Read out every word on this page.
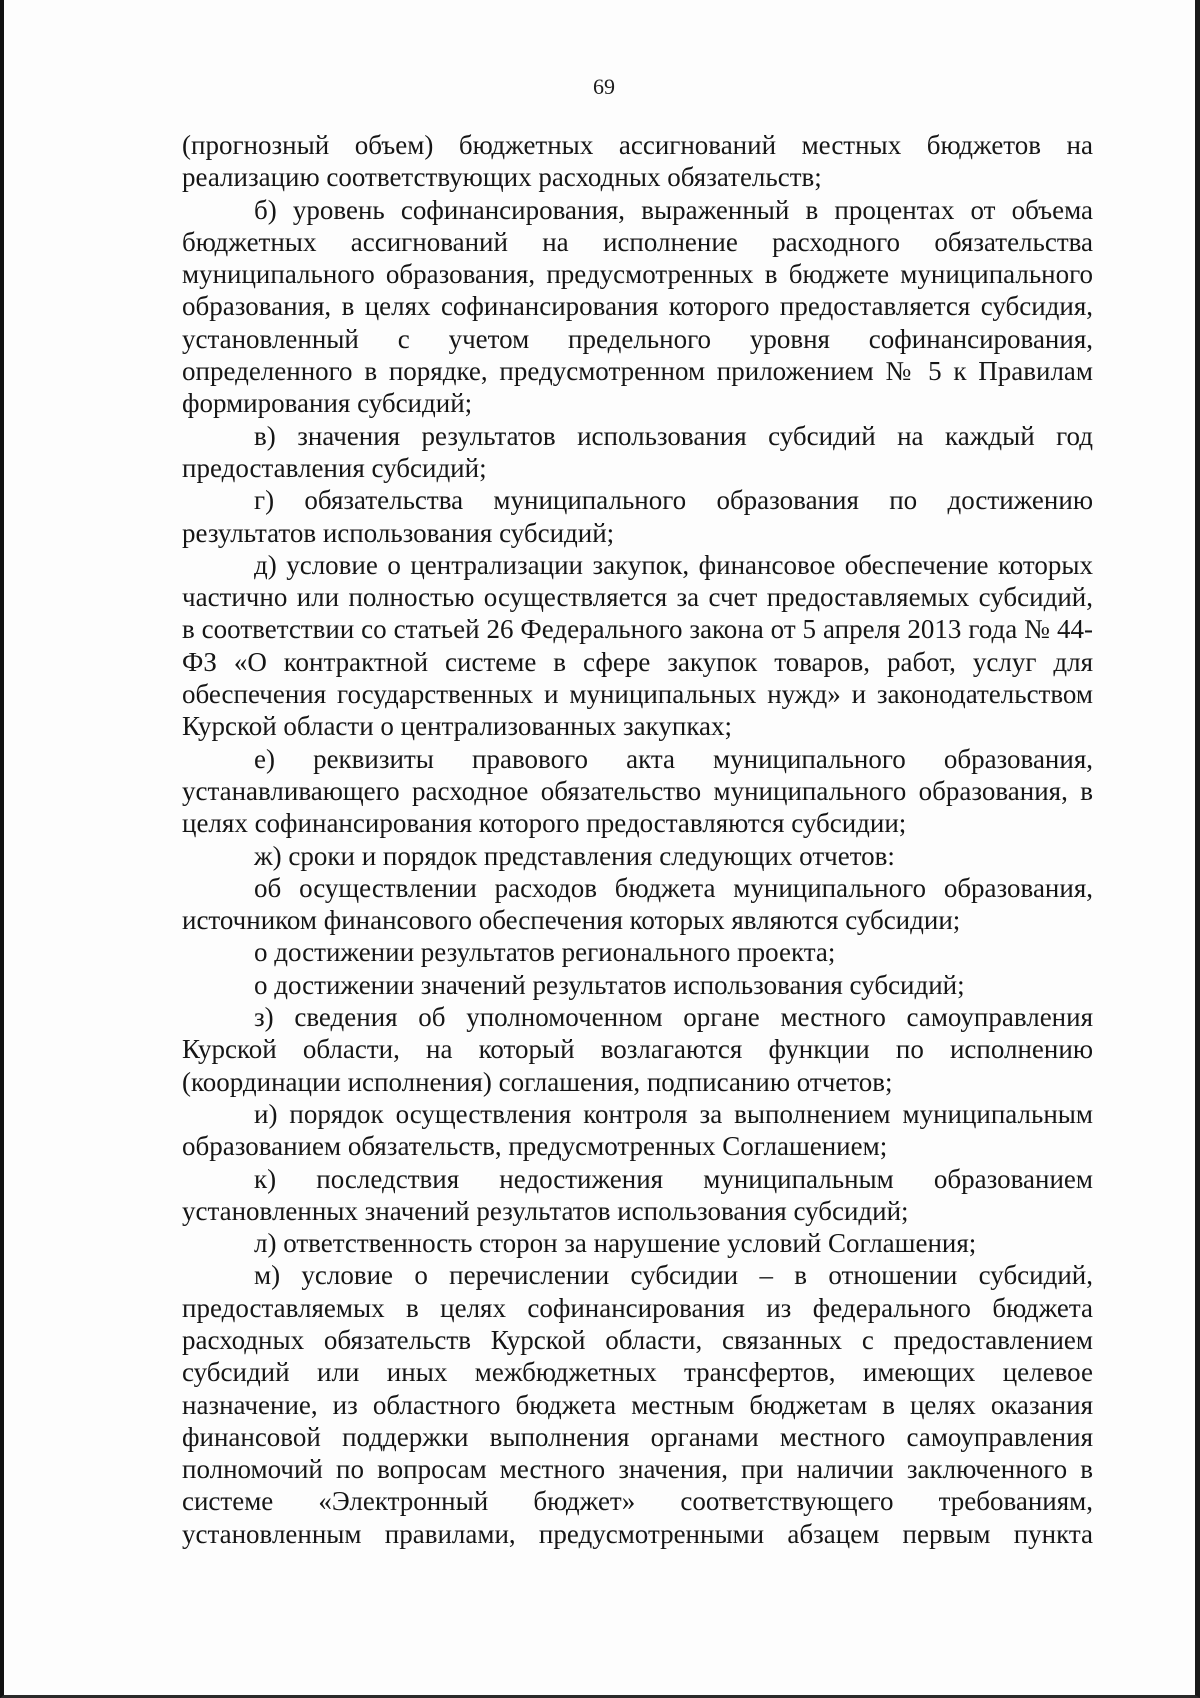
69

(прогнозный объем) бюджетных ассигнований местных бюджетов на реализацию соответствующих расходных обязательств;

б) уровень софинансирования, выраженный в процентах от объема бюджетных ассигнований на исполнение расходного обязательства муниципального образования, предусмотренных в бюджете муниципального образования, в целях софинансирования которого предоставляется субсидия, установленный с учетом предельного уровня софинансирования, определенного в порядке, предусмотренном приложением № 5 к Правилам формирования субсидий;

в) значения результатов использования субсидий на каждый год предоставления субсидий;

г) обязательства муниципального образования по достижению результатов использования субсидий;

д) условие о централизации закупок, финансовое обеспечение которых частично или полностью осуществляется за счет предоставляемых субсидий, в соответствии со статьей 26 Федерального закона от 5 апреля 2013 года № 44-ФЗ «О контрактной системе в сфере закупок товаров, работ, услуг для обеспечения государственных и муниципальных нужд» и законодательством Курской области о централизованных закупках;

е) реквизиты правового акта муниципального образования, устанавливающего расходное обязательство муниципального образования, в целях софинансирования которого предоставляются субсидии;

ж) сроки и порядок представления следующих отчетов:

об осуществлении расходов бюджета муниципального образования, источником финансового обеспечения которых являются субсидии;

о достижении результатов регионального проекта;

о достижении значений результатов использования субсидий;

з) сведения об уполномоченном органе местного самоуправления Курской области, на который возлагаются функции по исполнению (координации исполнения) соглашения, подписанию отчетов;

и) порядок осуществления контроля за выполнением муниципальным образованием обязательств, предусмотренных Соглашением;

к) последствия недостижения муниципальным образованием установленных значений результатов использования субсидий;

л) ответственность сторон за нарушение условий Соглашения;

м) условие о перечислении субсидии – в отношении субсидий, предоставляемых в целях софинансирования из федерального бюджета расходных обязательств Курской области, связанных с предоставлением субсидий или иных межбюджетных трансфертов, имеющих целевое назначение, из областного бюджета местным бюджетам в целях оказания финансовой поддержки выполнения органами местного самоуправления полномочий по вопросам местного значения, при наличии заключенного в системе «Электронный бюджет» соответствующего требованиям, установленным правилами, предусмотренными абзацем первым пункта
